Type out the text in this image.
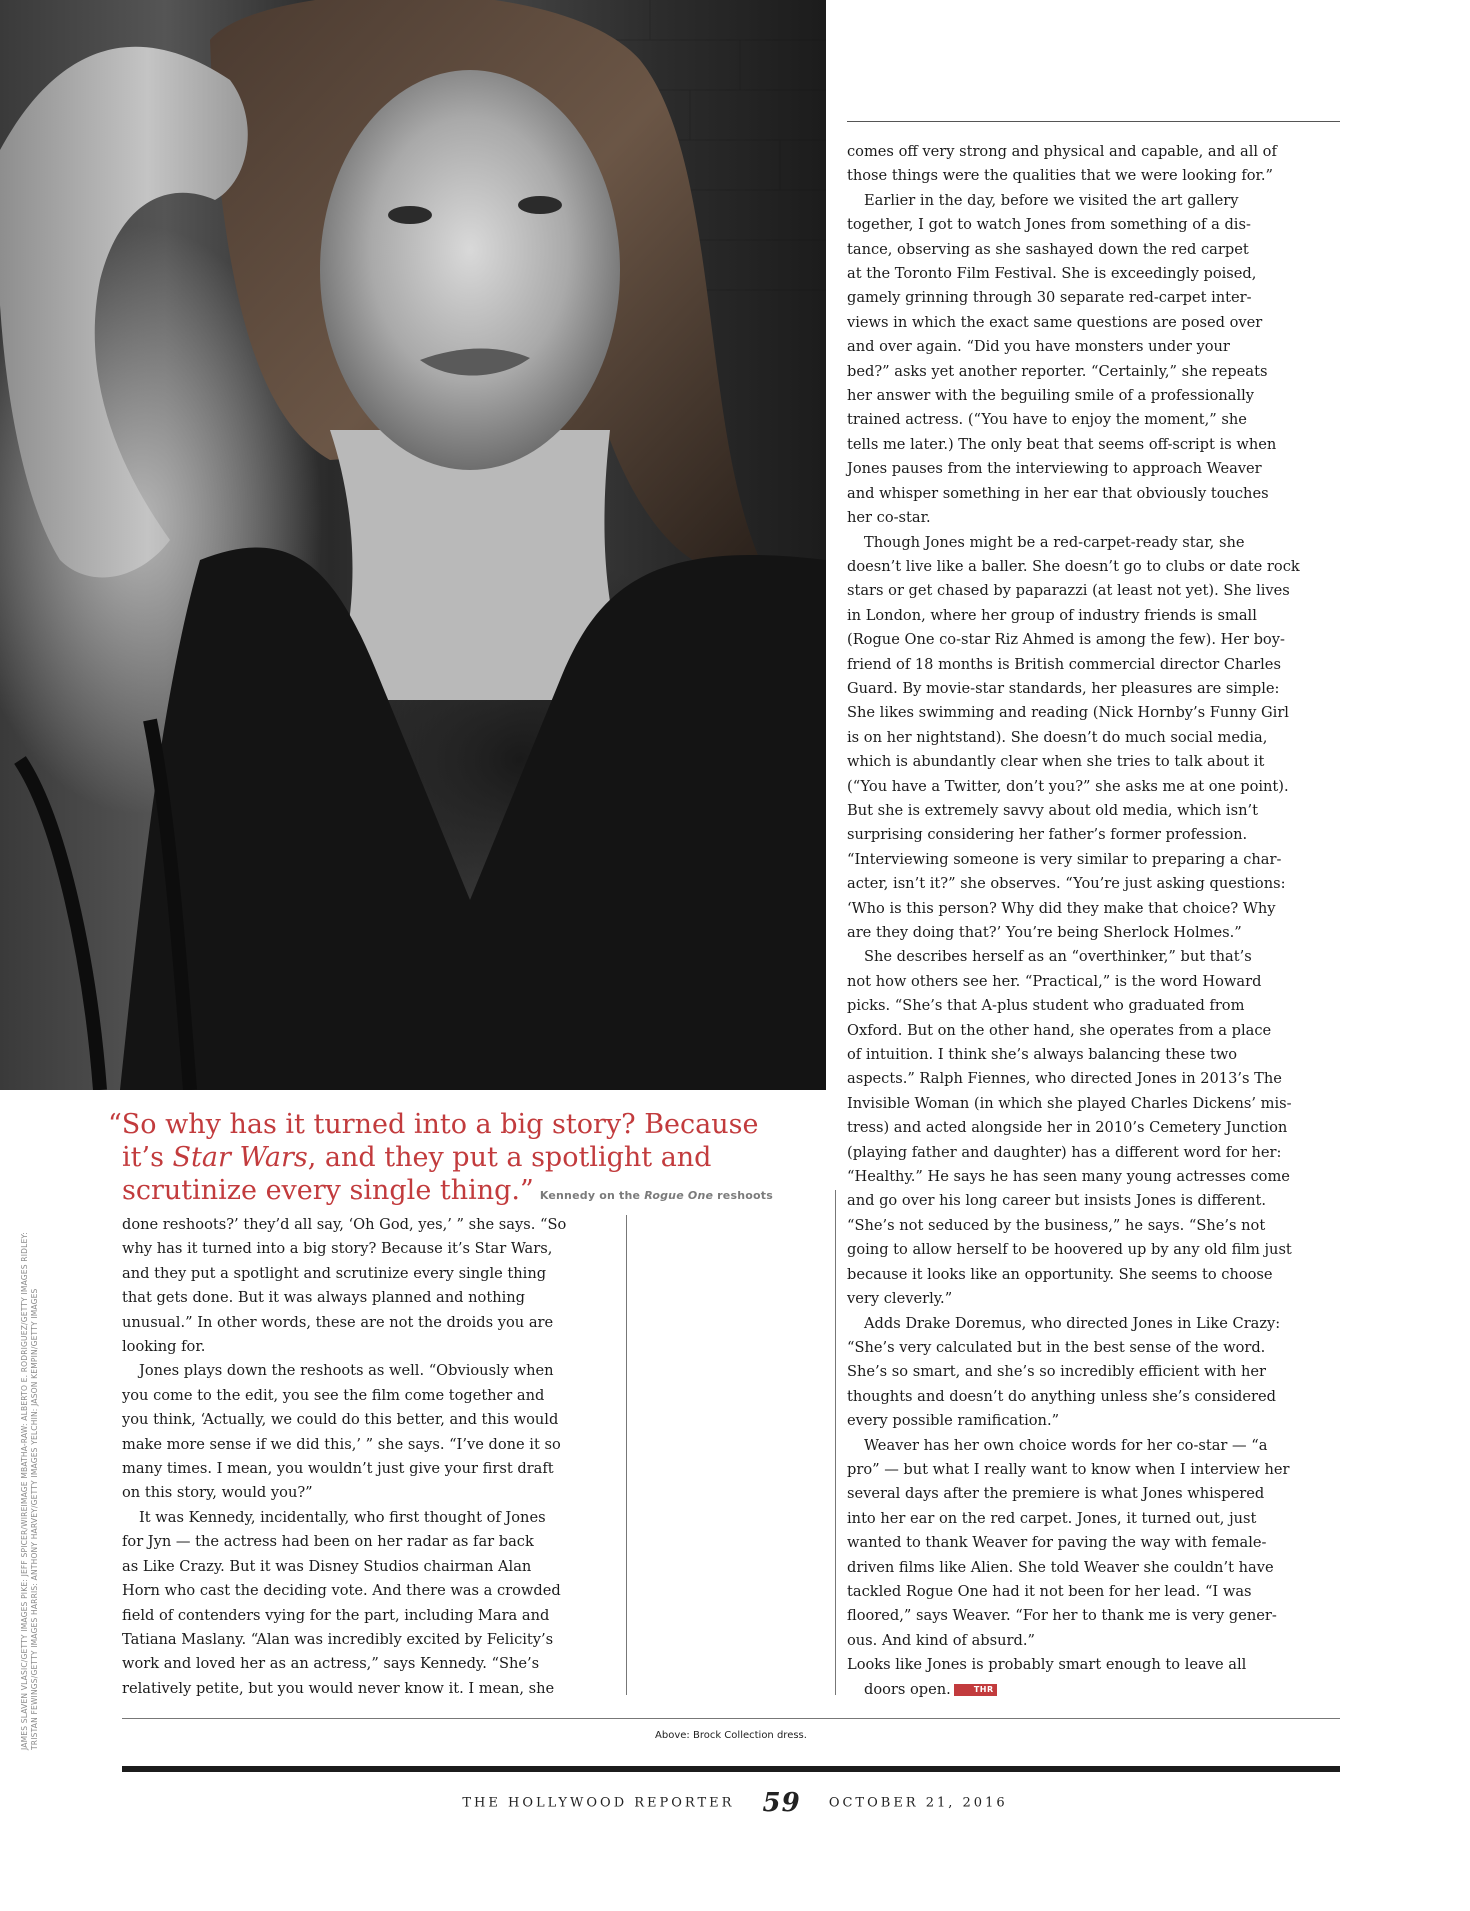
JAMES SLAVEN VLASIC/GETTY IMAGES PIKE: JEFF SPICER/WIREIMAGE MBATHA-RAW: ALBERTO E. RODRIGUEZ/GETTY IMAGES RIDLEY: TRISTAN FEWINGS/GETTY IMAGES HARRIS: ANTHONY HARVEY/GETTY IMAGES YELCHIN: JASON KEMPIN/GETTY IMAGES
“So why has it turned into a big story? Because
it’s Star Wars, and they put a spotlight and
scrutinize every single thing.” Kennedy on the Rogue One reshoots
done reshoots?’ they’d all say, ‘Oh God, yes,’ ” she says. “So
why has it turned into a big story? Because it’s Star Wars,
and they put a spotlight and scrutinize every single thing
that gets done. But it was always planned and nothing
unusual.” In other words, these are not the droids you are
looking for.
Jones plays down the reshoots as well. “Obviously when
you come to the edit, you see the film come together and
you think, ‘Actually, we could do this better, and this would
make more sense if we did this,’ ” she says. “I’ve done it so
many times. I mean, you wouldn’t just give your first draft
on this story, would you?”
It was Kennedy, incidentally, who first thought of Jones
for Jyn — the actress had been on her radar as far back
as Like Crazy. But it was Disney Studios chairman Alan
Horn who cast the deciding vote. And there was a crowded
field of contenders vying for the part, including Mara and
Tatiana Maslany. “Alan was incredibly excited by Felicity’s
work and loved her as an actress,” says Kennedy. “She’s
relatively petite, but you would never know it. I mean, she
comes off very strong and physical and capable, and all of
those things were the qualities that we were looking for.”
Earlier in the day, before we visited the art gallery
together, I got to watch Jones from something of a dis-
tance, observing as she sashayed down the red carpet
at the Toronto Film Festival. She is exceedingly poised,
gamely grinning through 30 separate red-carpet inter-
views in which the exact same questions are posed over
and over again. “Did you have monsters under your
bed?” asks yet another reporter. “Certainly,” she repeats
her answer with the beguiling smile of a professionally
trained actress. (“You have to enjoy the moment,” she
tells me later.) The only beat that seems off-script is when
Jones pauses from the interviewing to approach Weaver
and whisper something in her ear that obviously touches
her co-star.
Though Jones might be a red-carpet-ready star, she
doesn’t live like a baller. She doesn’t go to clubs or date rock
stars or get chased by paparazzi (at least not yet). She lives
in London, where her group of industry friends is small
(Rogue One co-star Riz Ahmed is among the few). Her boy-
friend of 18 months is British commercial director Charles
Guard. By movie-star standards, her pleasures are simple:
She likes swimming and reading (Nick Hornby’s Funny Girl
is on her nightstand). She doesn’t do much social media,
which is abundantly clear when she tries to talk about it
(“You have a Twitter, don’t you?” she asks me at one point).
But she is extremely savvy about old media, which isn’t
surprising considering her father’s former profession.
“Interviewing someone is very similar to preparing a char-
acter, isn’t it?” she observes. “You’re just asking questions:
‘Who is this person? Why did they make that choice? Why
are they doing that?’ You’re being Sherlock Holmes.”
She describes herself as an “overthinker,” but that’s
not how others see her. “Practical,” is the word Howard
picks. “She’s that A-plus student who graduated from
Oxford. But on the other hand, she operates from a place
of intuition. I think she’s always balancing these two
aspects.” Ralph Fiennes, who directed Jones in 2013’s The
Invisible Woman (in which she played Charles Dickens’ mis-
tress) and acted alongside her in 2010’s Cemetery Junction
(playing father and daughter) has a different word for her:
“Healthy.” He says he has seen many young actresses come
and go over his long career but insists Jones is different.
“She’s not seduced by the business,” he says. “She’s not
going to allow herself to be hoovered up by any old film just
because it looks like an opportunity. She seems to choose
very cleverly.”
Adds Drake Doremus, who directed Jones in Like Crazy:
“She’s very calculated but in the best sense of the word.
She’s so smart, and she’s so incredibly efficient with her
thoughts and doesn’t do anything unless she’s considered
every possible ramification.”
Weaver has her own choice words for her co-star — “a
pro” — but what I really want to know when I interview her
several days after the premiere is what Jones whispered
into her ear on the red carpet. Jones, it turned out, just
wanted to thank Weaver for paving the way with female-
driven films like Alien. She told Weaver she couldn’t have
tackled Rogue One had it not been for her lead. “I was
floored,” says Weaver. “For her to thank me is very gener-
ous. And kind of absurd.”
Looks like Jones is probably smart enough to leave all
doors open.	THR
Above: Brock Collection dress.
THE HOLLYWOOD REPORTER 59 OCTOBER 21, 2016
